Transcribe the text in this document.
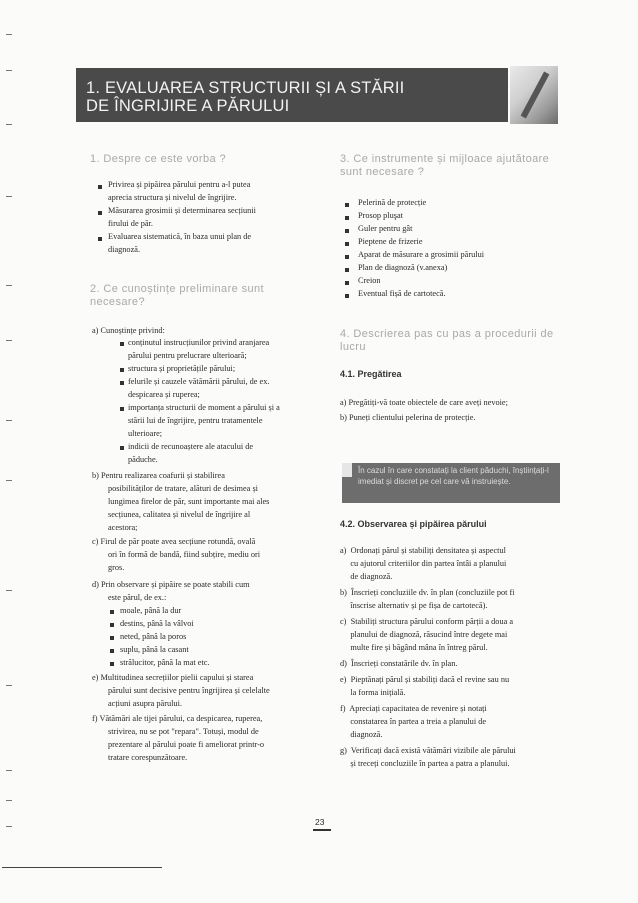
1. EVALUAREA STRUCTURII ȘI A STĂRII
DE ÎNGRIJIRE A PĂRULUI
1. Despre ce este vorba ?
Privirea și pipăirea părului pentru a-l putea
aprecia structura și nivelul de îngrijire.
Măsurarea grosimii și determinarea secțiunii
firului de păr.
Evaluarea sistematică, în baza unui plan de
diagnoză.
2. Ce cunoștințe preliminare sunt
necesare?
a) Cunoștințe privind:
conținutul instrucțiunilor privind aranjarea
părului pentru prelucrare ulterioară;
structura și proprietățile părului;
felurile și cauzele vătămării părului, de ex.
despicarea și ruperea;
importanța structurii de moment a părului și a
stării lui de îngrijire, pentru tratamentele
ulterioare;
indicii de recunoaștere ale atacului de
păduche.
b) Pentru realizarea coafurii și stabilirea
posibilităților de tratare, alături de desimea și
lungimea firelor de păr, sunt importante mai ales
secțiunea, calitatea și nivelul de îngrijire al
acestora;
c) Firul de păr poate avea secțiune rotundă, ovală
ori în formă de bandă, fiind subțire, mediu ori
gros.
d) Prin observare și pipăire se poate stabili cum
este părul, de ex.:
moale, până la dur
destins, până la vâlvoi
neted, până la poros
suplu, până la casant
strălucitor, până la mat etc.
e) Multitudinea secrețiilor pielii capului și starea
părului sunt decisive pentru îngrijirea și celelalte
acțiuni asupra părului.
f) Vătămări ale tijei părului, ca despicarea, ruperea,
strivirea, nu se pot "repara". Totuși, modul de
prezentare al părului poate fi ameliorat printr-o
tratare corespunzătoare.
3. Ce instrumente și mijloace ajutătoare
sunt necesare ?
Pelerină de protecție
Prosop pluşat
Guler pentru gât
Pieptene de frizerie
Aparat de măsurare a grosimii părului
Plan de diagnoză (v.anexa)
Creion
Eventual fișă de cartotecă.
4. Descrierea pas cu pas a procedurii de
lucru
4.1. Pregătirea
a) Pregătiți-vă toate obiectele de care aveți nevoie;
b) Puneți clientului pelerina de protecție.
În cazul în care constatați la client păduchi, înștiințați-l imediat și discret pe cel care vă instruiește.
4.2. Observarea și pipăirea părului
a)  Ordonați părul și stabiliți densitatea și aspectul
cu ajutorul criteriilor din partea întâi a planului
de diagnoză.
b)  Înscrieți concluziile dv. în plan (concluziile pot fi
înscrise alternativ și pe fișa de cartotecă).
c)  Stabiliți structura părului conform părții a doua a
planului de diagnoză, răsucind între degete mai
multe fire și băgând mâna în întreg părul.
d)  Înscrieți constatările dv. în plan.
e)  Pieptănați părul și stabiliți dacă el revine sau nu
la forma inițială.
f)  Apreciați capacitatea de revenire și notați
constatarea în partea a treia a planului de
diagnoză.
g)  Verificați dacă există vătămări vizibile ale părului
și treceți concluziile în partea a patra a planului.
23
